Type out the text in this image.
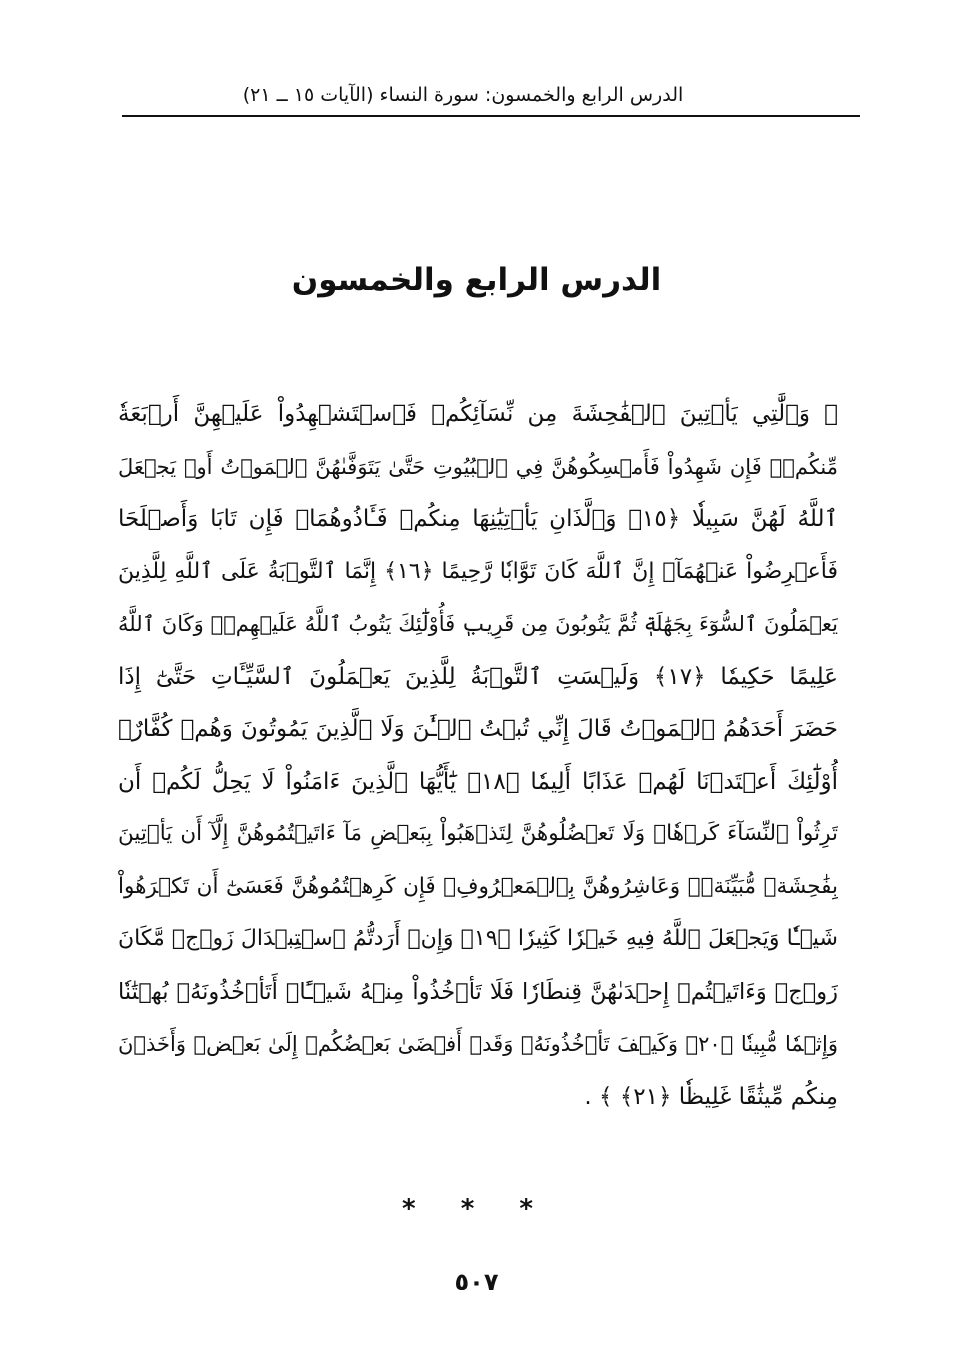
الدرس الرابع والخمسون: سورة النساء (الآيات ١٥ ــ ٢١)
الدرس الرابع والخمسون
﴿ وَٱلَّٰتِي يَأۡتِينَ ٱلۡفَٰحِشَةَ مِن نِّسَآئِكُمۡ فَٱسۡتَشۡهِدُواْ عَلَيۡهِنَّ أَرۡبَعَةٗ
مِّنكُمۡۖ فَإِن شَهِدُواْ فَأَمۡسِكُوهُنَّ فِي ٱلۡبُيُوتِ حَتَّىٰ يَتَوَفَّىٰهُنَّ ٱلۡمَوۡتُ أَوۡ يَجۡعَلَ
ٱللَّهُ لَهُنَّ سَبِيلٗا ﴿١٥﴾ وَٱلَّذَانِ يَأۡتِيَٰنِهَا مِنكُمۡ فَـَٔاذُوهُمَاۖ فَإِن تَابَا وَأَصۡلَحَا
فَأَعۡرِضُواْ عَنۡهُمَآۗ إِنَّ ٱللَّهَ كَانَ تَوَّابٗا رَّحِيمًا ﴿١٦﴾ إِنَّمَا ٱلتَّوۡبَةُ عَلَى ٱللَّهِ لِلَّذِينَ
يَعۡمَلُونَ ٱلسُّوٓءَ بِجَهَٰلَةٖ ثُمَّ يَتُوبُونَ مِن قَرِيبٖ فَأُوْلَٰٓئِكَ يَتُوبُ ٱللَّهُ عَلَيۡهِمۡۗ وَكَانَ ٱللَّهُ
عَلِيمًا حَكِيمٗا ﴿١٧﴾ وَلَيۡسَتِ ٱلتَّوۡبَةُ لِلَّذِينَ يَعۡمَلُونَ ٱلسَّيِّـَٔاتِ حَتَّىٰٓ إِذَا
حَضَرَ أَحَدَهُمُ ٱلۡمَوۡتُ قَالَ إِنِّي تُبۡتُ ٱلۡـَٰٔنَ وَلَا ٱلَّذِينَ يَمُوتُونَ وَهُمۡ كُفَّارٌۚ
أُوْلَٰٓئِكَ أَعۡتَدۡنَا لَهُمۡ عَذَابًا أَلِيمٗا ﴿١٨﴾ يَٰٓأَيُّهَا ٱلَّذِينَ ءَامَنُواْ لَا يَحِلُّ لَكُمۡ أَن
تَرِثُواْ ٱلنِّسَآءَ كَرۡهٗاۖ وَلَا تَعۡضُلُوهُنَّ لِتَذۡهَبُواْ بِبَعۡضِ مَآ ءَاتَيۡتُمُوهُنَّ إِلَّآ أَن يَأۡتِينَ
بِفَٰحِشَةٖ مُّبَيِّنَةٖۚ وَعَاشِرُوهُنَّ بِٱلۡمَعۡرُوفِۚ فَإِن كَرِهۡتُمُوهُنَّ فَعَسَىٰٓ أَن تَكۡرَهُواْ
شَيۡـٔٗا وَيَجۡعَلَ ٱللَّهُ فِيهِ خَيۡرٗا كَثِيرٗا ﴿١٩﴾ وَإِنۡ أَرَدتُّمُ ٱسۡتِبۡدَالَ زَوۡجٖ مَّكَانَ
زَوۡجٖ وَءَاتَيۡتُمۡ إِحۡدَىٰهُنَّ قِنطَارٗا فَلَا تَأۡخُذُواْ مِنۡهُ شَيۡـًٔاۚ أَتَأۡخُذُونَهُۥ بُهۡتَٰنٗا
وَإِثۡمٗا مُّبِينٗا ﴿٢٠﴾ وَكَيۡفَ تَأۡخُذُونَهُۥ وَقَدۡ أَفۡضَىٰ بَعۡضُكُمۡ إِلَىٰ بَعۡضٖ وَأَخَذۡنَ
مِنكُم مِّيثَٰقًا غَلِيظٗا ﴿٢١﴾ ﴾ .
* * *
٥٠٧
